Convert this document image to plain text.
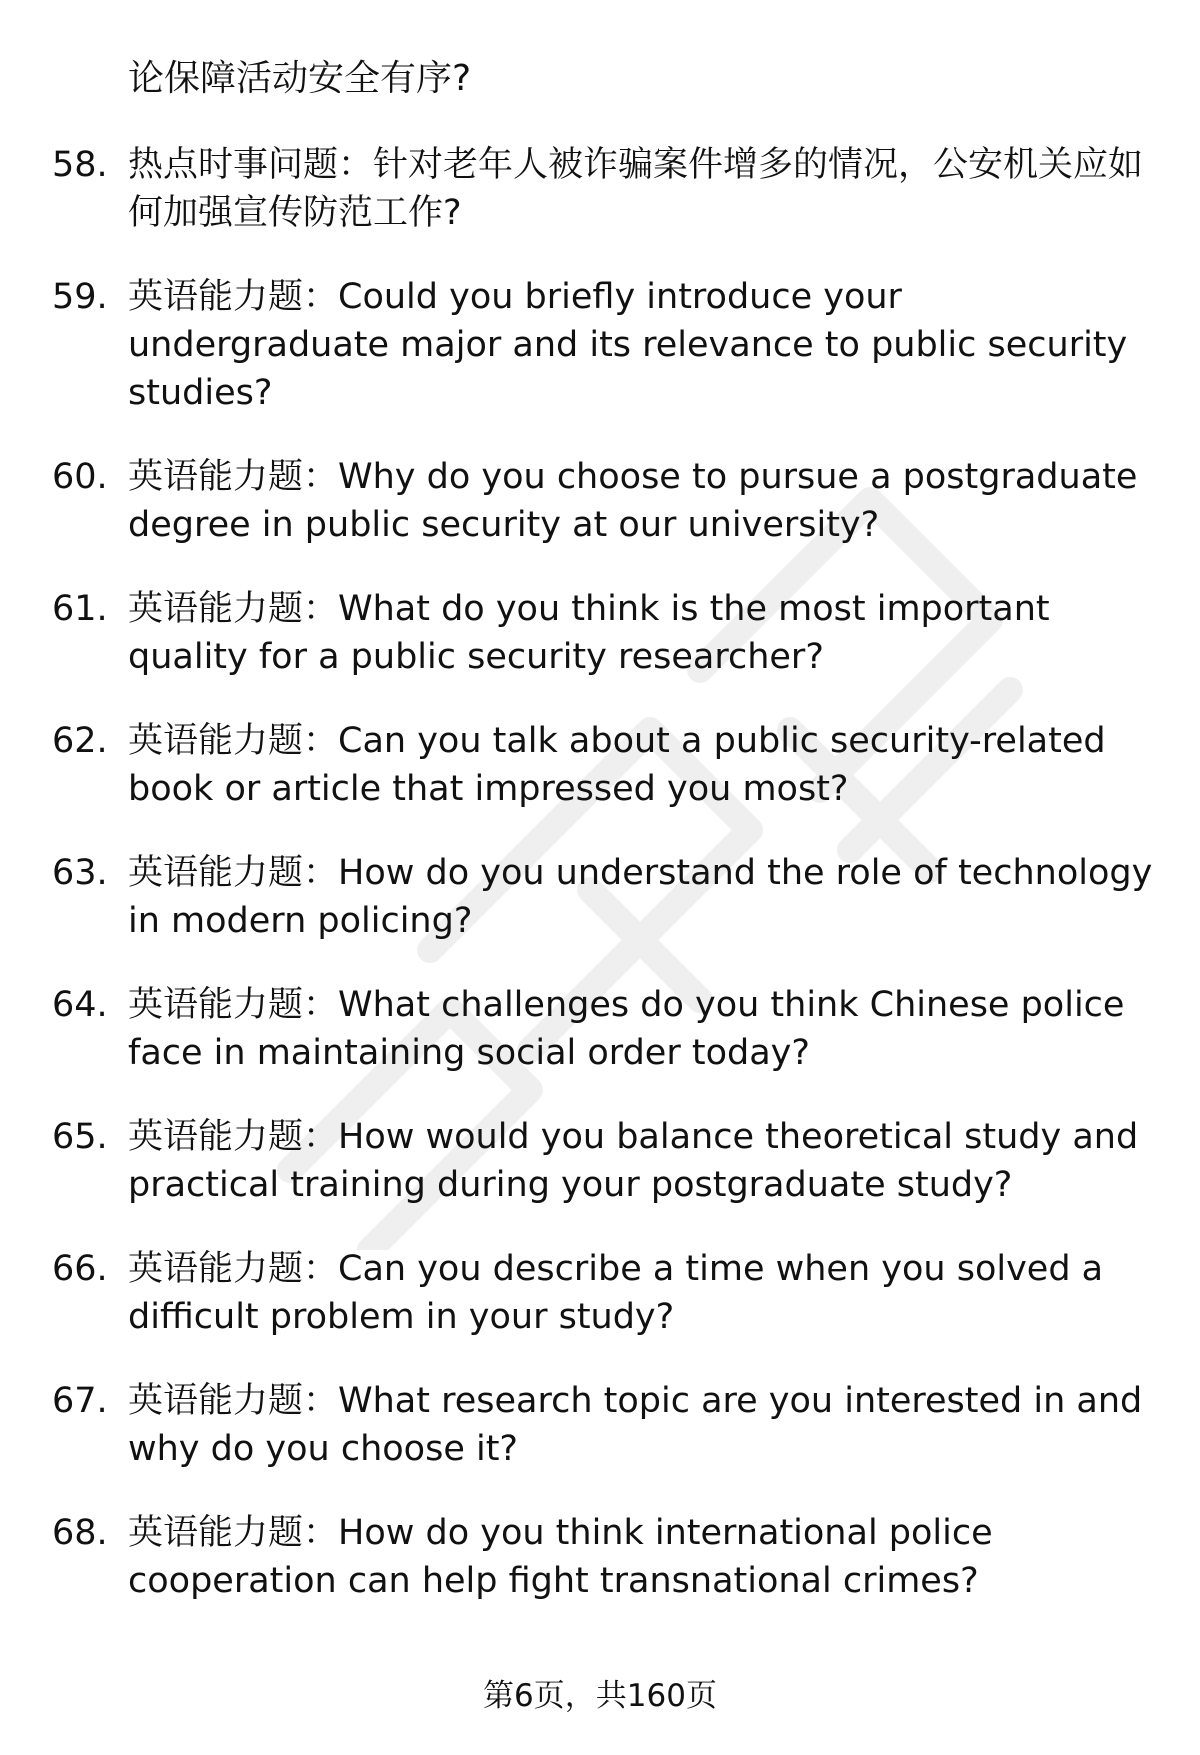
论保障活动安全有序?
58. 热点时事问题：针对老年人被诈骗案件增多的情况，公安机关应如何加强宣传防范工作?
59. 英语能力题：Could you briefly introduce your undergraduate major and its relevance to public security studies?
60. 英语能力题：Why do you choose to pursue a postgraduate degree in public security at our university?
61. 英语能力题：What do you think is the most important quality for a public security researcher?
62. 英语能力题：Can you talk about a public security-related book or article that impressed you most?
63. 英语能力题：How do you understand the role of technology in modern policing?
64. 英语能力题：What challenges do you think Chinese police face in maintaining social order today?
65. 英语能力题：How would you balance theoretical study and practical training during your postgraduate study?
66. 英语能力题：Can you describe a time when you solved a difficult problem in your study?
67. 英语能力题：What research topic are you interested in and why do you choose it?
68. 英语能力题：How do you think international police cooperation can help fight transnational crimes?
第6页，共160页
